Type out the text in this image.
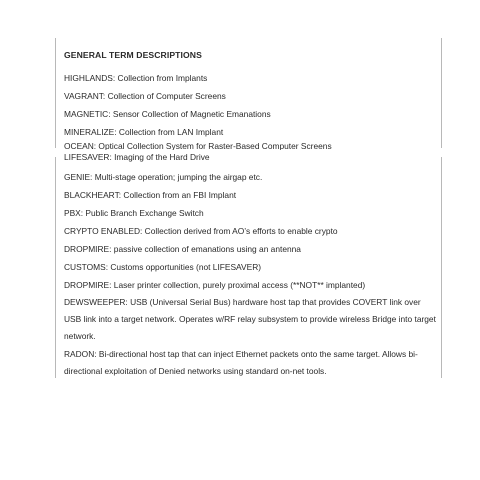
GENERAL TERM DESCRIPTIONS
HIGHLANDS: Collection from Implants
VAGRANT: Collection of Computer Screens
MAGNETIC: Sensor Collection of Magnetic Emanations
MINERALIZE: Collection from LAN Implant
OCEAN: Optical Collection System for Raster-Based Computer Screens
LIFESAVER: Imaging of the Hard Drive
GENIE: Multi-stage operation; jumping the airgap etc.
BLACKHEART: Collection from an FBI Implant
PBX: Public Branch Exchange Switch
CRYPTO ENABLED: Collection derived from AO’s efforts to enable crypto
DROPMIRE: passive collection of emanations using an antenna
CUSTOMS: Customs opportunities (not LIFESAVER)
DROPMIRE: Laser printer collection, purely proximal access (**NOT** implanted)
DEWSWEEPER: USB (Universal Serial Bus) hardware host tap that provides COVERT link over USB link into a target network. Operates w/RF relay subsystem to provide wireless Bridge into target network.
RADON: Bi-directional host tap that can inject Ethernet packets onto the same target. Allows bi-directional exploitation of Denied networks using standard on-net tools.
